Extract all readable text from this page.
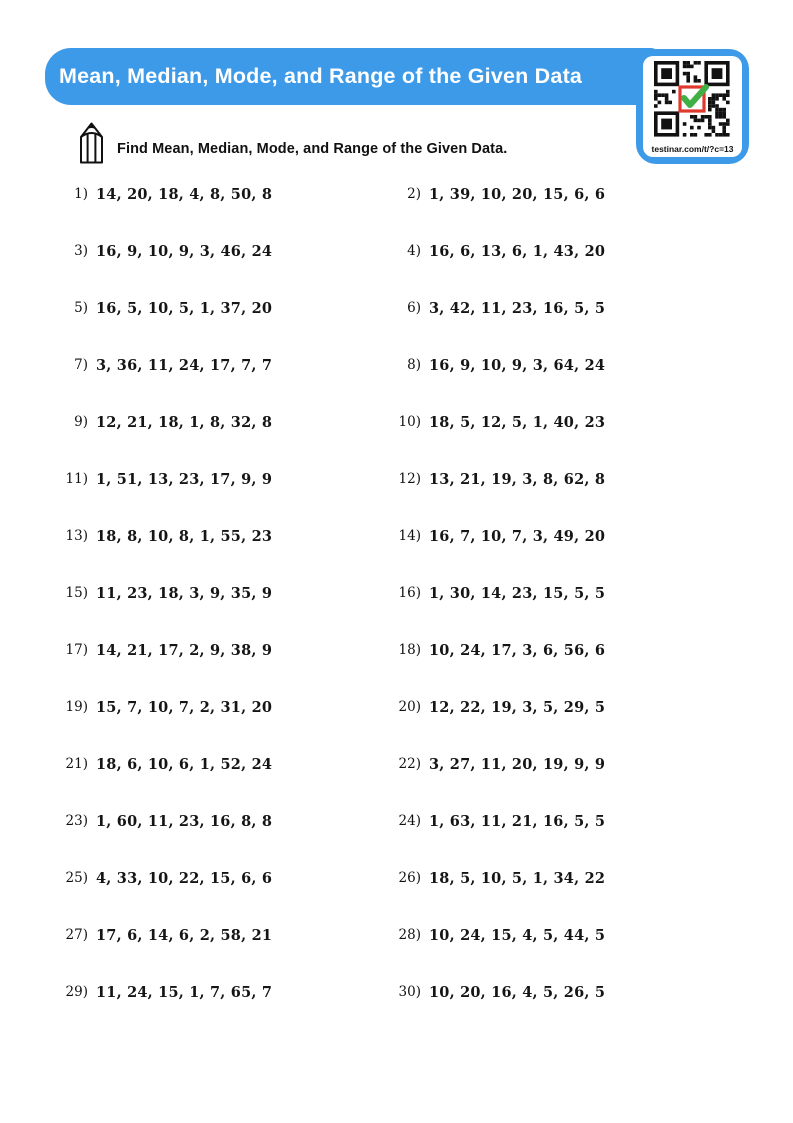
Mean, Median, Mode, and Range of the Given Data
testinar.com/t/?c=13
Find Mean, Median, Mode, and Range of the Given Data.
1) 14, 20, 18, 4, 8, 50, 8	2) 1, 39, 10, 20, 15, 6, 6
3) 16, 9, 10, 9, 3, 46, 24	4) 16, 6, 13, 6, 1, 43, 20
5) 16, 5, 10, 5, 1, 37, 20	6) 3, 42, 11, 23, 16, 5, 5
7) 3, 36, 11, 24, 17, 7, 7	8) 16, 9, 10, 9, 3, 64, 24
9) 12, 21, 18, 1, 8, 32, 8	10) 18, 5, 12, 5, 1, 40, 23
11) 1, 51, 13, 23, 17, 9, 9	12) 13, 21, 19, 3, 8, 62, 8
13) 18, 8, 10, 8, 1, 55, 23	14) 16, 7, 10, 7, 3, 49, 20
15) 11, 23, 18, 3, 9, 35, 9	16) 1, 30, 14, 23, 15, 5, 5
17) 14, 21, 17, 2, 9, 38, 9	18) 10, 24, 17, 3, 6, 56, 6
19) 15, 7, 10, 7, 2, 31, 20	20) 12, 22, 19, 3, 5, 29, 5
21) 18, 6, 10, 6, 1, 52, 24	22) 3, 27, 11, 20, 19, 9, 9
23) 1, 60, 11, 23, 16, 8, 8	24) 1, 63, 11, 21, 16, 5, 5
25) 4, 33, 10, 22, 15, 6, 6	26) 18, 5, 10, 5, 1, 34, 22
27) 17, 6, 14, 6, 2, 58, 21	28) 10, 24, 15, 4, 5, 44, 5
29) 11, 24, 15, 1, 7, 65, 7	30) 10, 20, 16, 4, 5, 26, 5
